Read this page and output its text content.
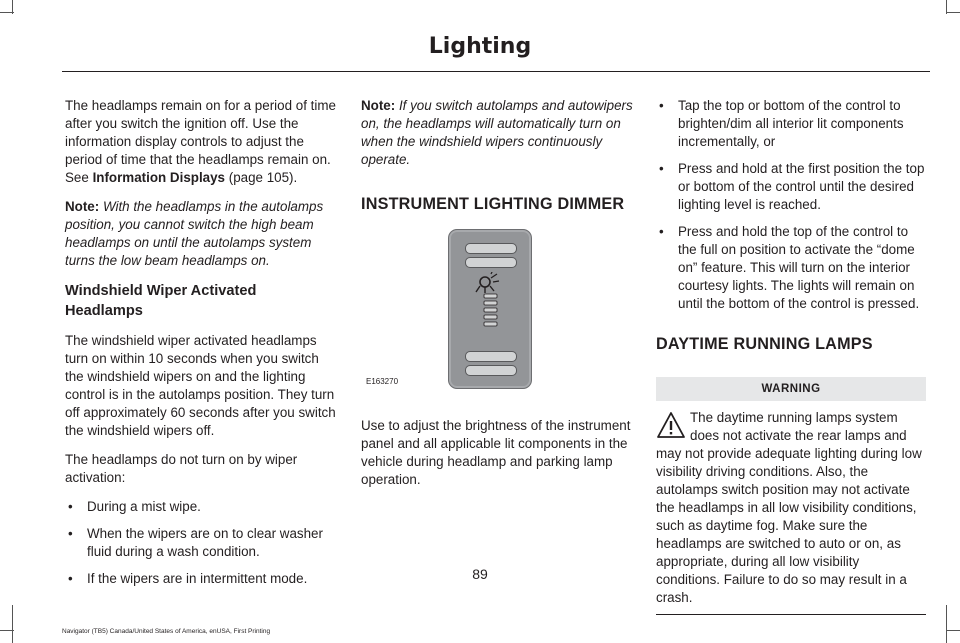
Lighting

The headlamps remain on for a period of time after you switch the ignition off. Use the information display controls to adjust the period of time that the headlamps remain on. See Information Displays (page 105).

Note: With the headlamps in the autolamps position, you cannot switch the high beam headlamps on until the autolamps system turns the low beam headlamps on.

Windshield Wiper Activated Headlamps

The windshield wiper activated headlamps turn on within 10 seconds when you switch the windshield wipers on and the lighting control is in the autolamps position. They turn off approximately 60 seconds after you switch the windshield wipers off.

The headlamps do not turn on by wiper activation:

• During a mist wipe.
• When the wipers are on to clear washer fluid during a wash condition.
• If the wipers are in intermittent mode.

Note: If you switch autolamps and autowipers on, the headlamps will automatically turn on when the windshield wipers continuously operate.

INSTRUMENT LIGHTING DIMMER
E163270

Use to adjust the brightness of the instrument panel and all applicable lit components in the vehicle during headlamp and parking lamp operation.

• Tap the top or bottom of the control to brighten/dim all interior lit components incrementally, or
• Press and hold at the first position the top or bottom of the control until the desired lighting level is reached.
• Press and hold the top of the control to the full on position to activate the “dome on” feature. This will turn on the interior courtesy lights. The lights will remain on until the bottom of the control is pressed.
DAYTIME RUNNING LAMPS
WARNING
The daytime running lamps system does not activate the rear lamps and may not provide adequate lighting during low visibility driving conditions. Also, the autolamps switch position may not activate the headlamps in all low visibility conditions, such as daytime fog. Make sure the headlamps are switched to auto or on, as appropriate, during all low visibility conditions. Failure to do so may result in a crash.
89
Navigator (TB5) Canada/United States of America, enUSA, First Printing
